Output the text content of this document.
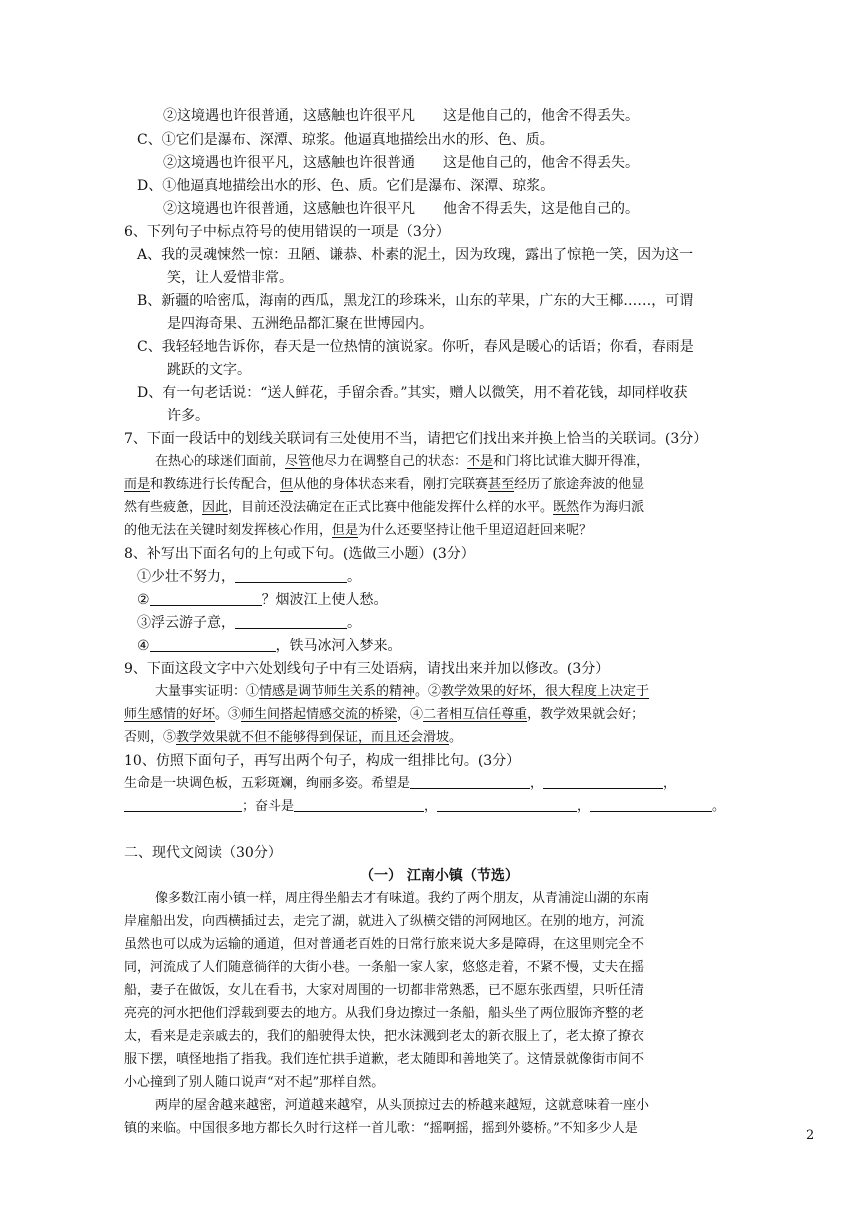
②这境遇也许很普通，这感触也许很平凡　　这是他自己的，他舍不得丢失。
C、①它们是瀑布、深潭、琼浆。他逼真地描绘出水的形、色、质。
②这境遇也许很平凡，这感触也许很普通　　这是他自己的，他舍不得丢失。
D、①他逼真地描绘出水的形、色、质。它们是瀑布、深潭、琼浆。
②这境遇也许很普通，这感触也许很平凡　　他舍不得丢失，这是他自己的。
6、下列句子中标点符号的使用错误的一项是（3分）
A、我的灵魂悚然一惊：丑陋、谦恭、朴素的泥土，因为玫瑰，露出了惊艳一笑，因为这一
笑，让人爱惜非常。
B、新疆的哈密瓜，海南的西瓜，黑龙江的珍珠米，山东的苹果，广东的大王椰……，可谓
是四海奇果、五洲绝品都汇聚在世博园内。
C、我轻轻地告诉你，春天是一位热情的演说家。你听，春风是暖心的话语；你看，春雨是
跳跃的文字。
D、有一句老话说：“送人鲜花，手留余香。”其实，赠人以微笑，用不着花钱，却同样收获
许多。
7、下面一段话中的划线关联词有三处使用不当，请把它们找出来并换上恰当的关联词。(3分）
在热心的球迷们面前，尽管他尽力在调整自己的状态：不是和门将比试谁大脚开得准，
而是和教练进行长传配合，但从他的身体状态来看，刚打完联赛甚至经历了旅途奔波的他显
然有些疲惫，因此，目前还没法确定在正式比赛中他能发挥什么样的水平。既然作为海归派
的他无法在关键时刻发挥核心作用，但是为什么还要坚持让他千里迢迢赶回来呢？
8、补写出下面名句的上句或下句。(选做三小题）(3分）
①少壮不努力，	。
②	？烟波江上使人愁。
③浮云游子意，	。
④	，铁马冰河入梦来。
9、下面这段文字中六处划线句子中有三处语病，请找出来并加以修改。(3分）
大量事实证明：①情感是调节师生关系的精神。②教学效果的好坏，很大程度上决定于
师生感情的好坏。③师生间搭起情感交流的桥梁，④二者相互信任尊重，教学效果就会好；
否则，⑤教学效果就不但不能够得到保证，而且还会滑坡。
10、仿照下面句子，再写出两个句子，构成一组排比句。(3分）
生命是一块调色板，五彩斑斓，绚丽多姿。希望是	，	，
；奋斗是	，	，	。
二、现代文阅读（30分）
（一） 江南小镇（节选）
像多数江南小镇一样，周庄得坐船去才有味道。我约了两个朋友，从青浦淀山湖的东南
岸雇船出发，向西横插过去，走完了湖，就进入了纵横交错的河网地区。在别的地方，河流
虽然也可以成为运输的通道，但对普通老百姓的日常行旅来说大多是障碍，在这里则完全不
同，河流成了人们随意徜徉的大街小巷。一条船一家人家，悠悠走着，不紧不慢，丈夫在摇
船，妻子在做饭，女儿在看书，大家对周围的一切都非常熟悉，已不愿东张西望，只听任清
亮亮的河水把他们浮载到要去的地方。从我们身边擦过一条船，船头坐了两位服饰齐整的老
太，看来是走亲戚去的，我们的船驶得太快，把水沫溅到老太的新衣服上了，老太撩了撩衣
服下摆，嗔怪地指了指我。我们连忙拱手道歉，老太随即和善地笑了。这情景就像街市间不
小心撞到了别人随口说声“对不起”那样自然。
两岸的屋舍越来越密，河道越来越窄，从头顶掠过去的桥越来越短，这就意味着一座小
镇的来临。中国很多地方都长久时行这样一首儿歌：“摇啊摇，摇到外婆桥。”不知多少人是	2
